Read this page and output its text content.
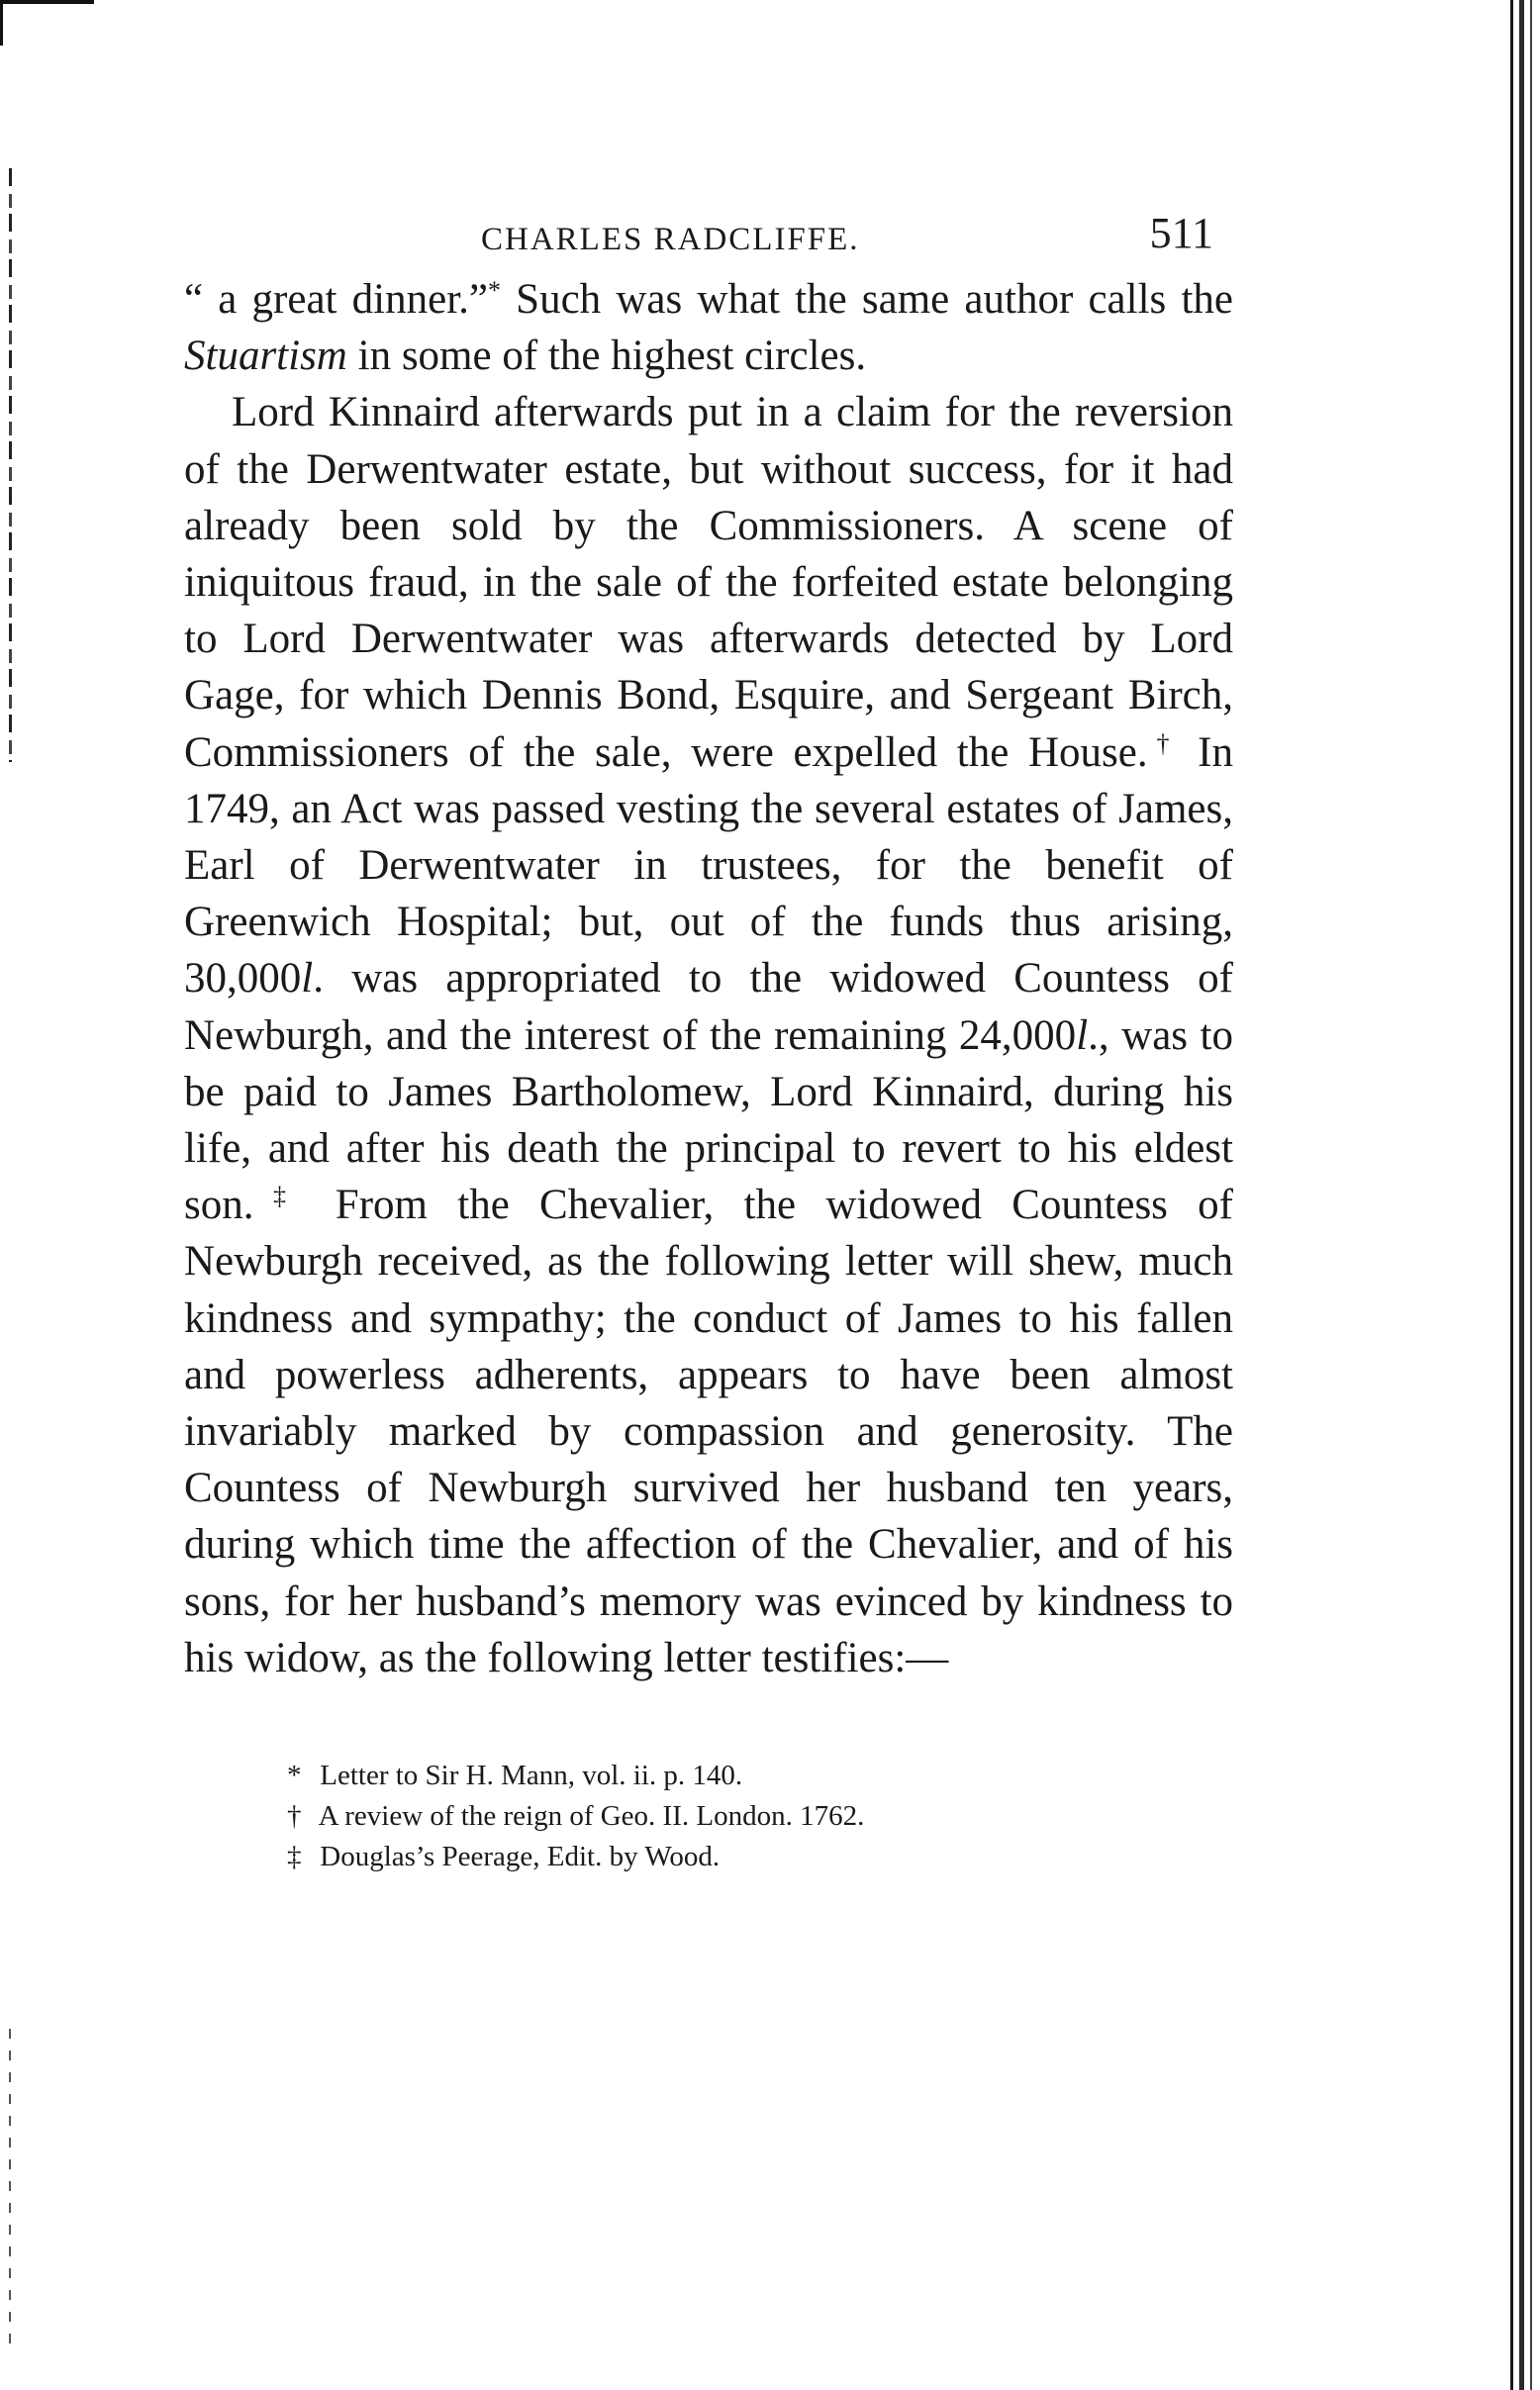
CHARLES RADCLIFFE.	511

“ a great dinner.”* Such was what the same author calls the Stuartism in some of the highest circles.

Lord Kinnaird afterwards put in a claim for the reversion of the Derwentwater estate, but without success, for it had already been sold by the Commissioners. A scene of iniquitous fraud, in the sale of the forfeited estate belonging to Lord Derwentwater was afterwards detected by Lord Gage, for which Dennis Bond, Esquire, and Sergeant Birch, Commissioners of the sale, were expelled the House.† In 1749, an Act was passed vesting the several estates of James, Earl of Derwentwater in trustees, for the benefit of Greenwich Hospital; but, out of the funds thus arising, 30,000l. was appropriated to the widowed Countess of Newburgh, and the interest of the remaining 24,000l., was to be paid to James Bartholomew, Lord Kinnaird, during his life, and after his death the principal to revert to his eldest son.‡ From the Chevalier, the widowed Countess of Newburgh received, as the following letter will shew, much kindness and sympathy; the conduct of James to his fallen and powerless adherents, appears to have been almost invariably marked by compassion and generosity. The Countess of Newburgh survived her husband ten years, during which time the affection of the Chevalier, and of his sons, for her husband’s memory was evinced by kindness to his widow, as the following letter testifies:—

* Letter to Sir H. Mann, vol. ii. p. 140.
† A review of the reign of Geo. II. London. 1762.
‡ Douglas’s Peerage, Edit. by Wood.
